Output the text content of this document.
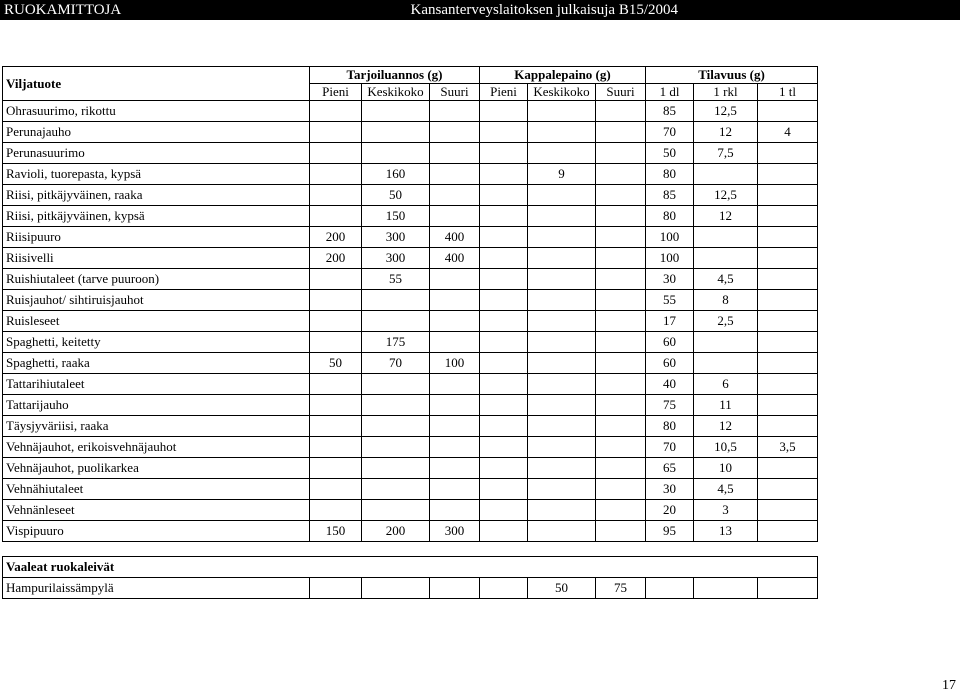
RUOKAMITTOJA	Kansanterveyslaitoksen julkaisuja B15/2004
Viljatuote	Tarjoiluannos (g)			Kappalepaino (g)			Tilavuus (g)		
	Pieni	Keskikoko	Suuri	Pieni	Keskikoko	Suuri	1 dl	1 rkl	1 tl
Ohrasuurimo, rikottu							85	12,5	
Perunajauho							70	12	4
Perunasuurimo							50	7,5	
Ravioli, tuorepasta, kypsä		160			9		80		
Riisi, pitkäjyväinen, raaka		50					85	12,5	
Riisi, pitkäjyväinen, kypsä		150					80	12	
Riisipuuro	200	300	400				100		
Riisivelli	200	300	400				100		
Ruishiutaleet (tarve puuroon)		55					30	4,5	
Ruisjauhot/ sihtiruisjauhot							55	8	
Ruisleseet							17	2,5	
Spaghetti, keitetty		175					60		
Spaghetti, raaka	50	70	100				60		
Tattarihiutaleet							40	6	
Tattarijauho							75	11	
Täysjyväriisi, raaka							80	12	
Vehnäjauhot, erikoisvehnäjauhot							70	10,5	3,5
Vehnäjauhot, puolikarkea							65	10	
Vehnähiutaleet							30	4,5	
Vehnänleseet							20	3	
Vispipuuro	150	200	300				95	13	

Vaaleat ruokaleivät									
Hampurilaissämpylä					50	75			
17
